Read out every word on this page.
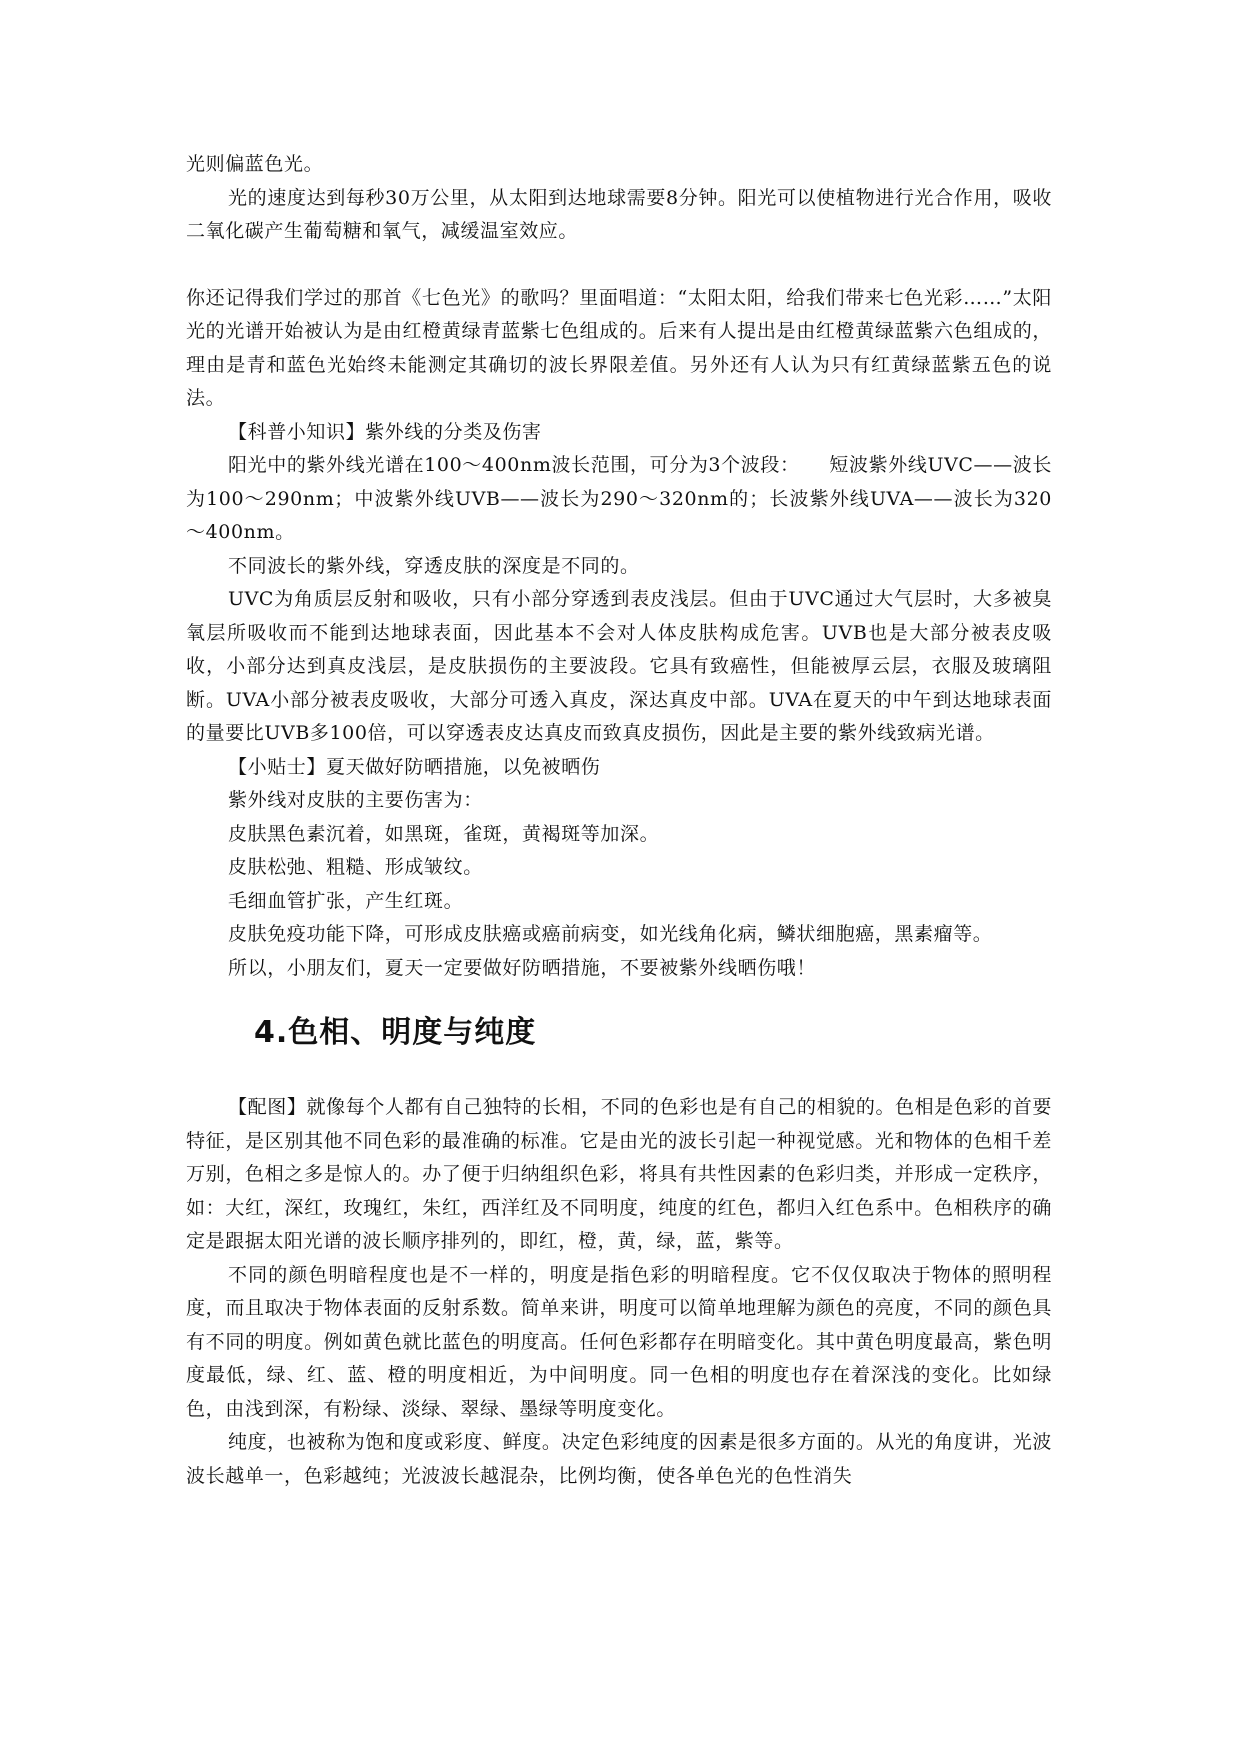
光则偏蓝色光。

光的速度达到每秒30万公里，从太阳到达地球需要8分钟。阳光可以使植物进行光合作用，吸收二氧化碳产生葡萄糖和氧气，减缓温室效应。

你还记得我们学过的那首《七色光》的歌吗？里面唱道：“太阳太阳，给我们带来七色光彩……”太阳光的光谱开始被认为是由红橙黄绿青蓝紫七色组成的。后来有人提出是由红橙黄绿蓝紫六色组成的，理由是青和蓝色光始终未能测定其确切的波长界限差值。另外还有人认为只有红黄绿蓝紫五色的说法。

【科普小知识】紫外线的分类及伤害

阳光中的紫外线光谱在100～400nm波长范围，可分为3个波段：　　短波紫外线UVC——波长为100～290nm；中波紫外线UVB——波长为290～320nm的；长波紫外线UVA——波长为320～400nm。

不同波长的紫外线，穿透皮肤的深度是不同的。

UVC为角质层反射和吸收，只有小部分穿透到表皮浅层。但由于UVC通过大气层时，大多被臭氧层所吸收而不能到达地球表面，因此基本不会对人体皮肤构成危害。UVB也是大部分被表皮吸收，小部分达到真皮浅层，是皮肤损伤的主要波段。它具有致癌性，但能被厚云层，衣服及玻璃阻断。UVA小部分被表皮吸收，大部分可透入真皮，深达真皮中部。UVA在夏天的中午到达地球表面的量要比UVB多100倍，可以穿透表皮达真皮而致真皮损伤，因此是主要的紫外线致病光谱。

【小贴士】夏天做好防晒措施，以免被晒伤

紫外线对皮肤的主要伤害为：

皮肤黑色素沉着，如黑斑，雀斑，黄褐斑等加深。

皮肤松弛、粗糙、形成皱纹。

毛细血管扩张，产生红斑。

皮肤免疫功能下降，可形成皮肤癌或癌前病变，如光线角化病，鳞状细胞癌，黑素瘤等。

所以，小朋友们，夏天一定要做好防晒措施，不要被紫外线晒伤哦！

4.色相、明度与纯度

【配图】就像每个人都有自己独特的长相，不同的色彩也是有自己的相貌的。色相是色彩的首要特征，是区别其他不同色彩的最准确的标准。它是由光的波长引起一种视觉感。光和物体的色相千差万别，色相之多是惊人的。办了便于归纳组织色彩，将具有共性因素的色彩归类，并形成一定秩序，如：大红，深红，玫瑰红，朱红，西洋红及不同明度，纯度的红色，都归入红色系中。色相秩序的确定是跟据太阳光谱的波长顺序排列的，即红，橙，黄，绿，蓝，紫等。

不同的颜色明暗程度也是不一样的，明度是指色彩的明暗程度。它不仅仅取决于物体的照明程度，而且取决于物体表面的反射系数。简单来讲，明度可以简单地理解为颜色的亮度，不同的颜色具有不同的明度。例如黄色就比蓝色的明度高。任何色彩都存在明暗变化。其中黄色明度最高，紫色明度最低，绿、红、蓝、橙的明度相近，为中间明度。同一色相的明度也存在着深浅的变化。比如绿色，由浅到深，有粉绿、淡绿、翠绿、墨绿等明度变化。

纯度，也被称为饱和度或彩度、鲜度。决定色彩纯度的因素是很多方面的。从光的角度讲，光波波长越单一，色彩越纯；光波波长越混杂，比例均衡，使各单色光的色性消失
